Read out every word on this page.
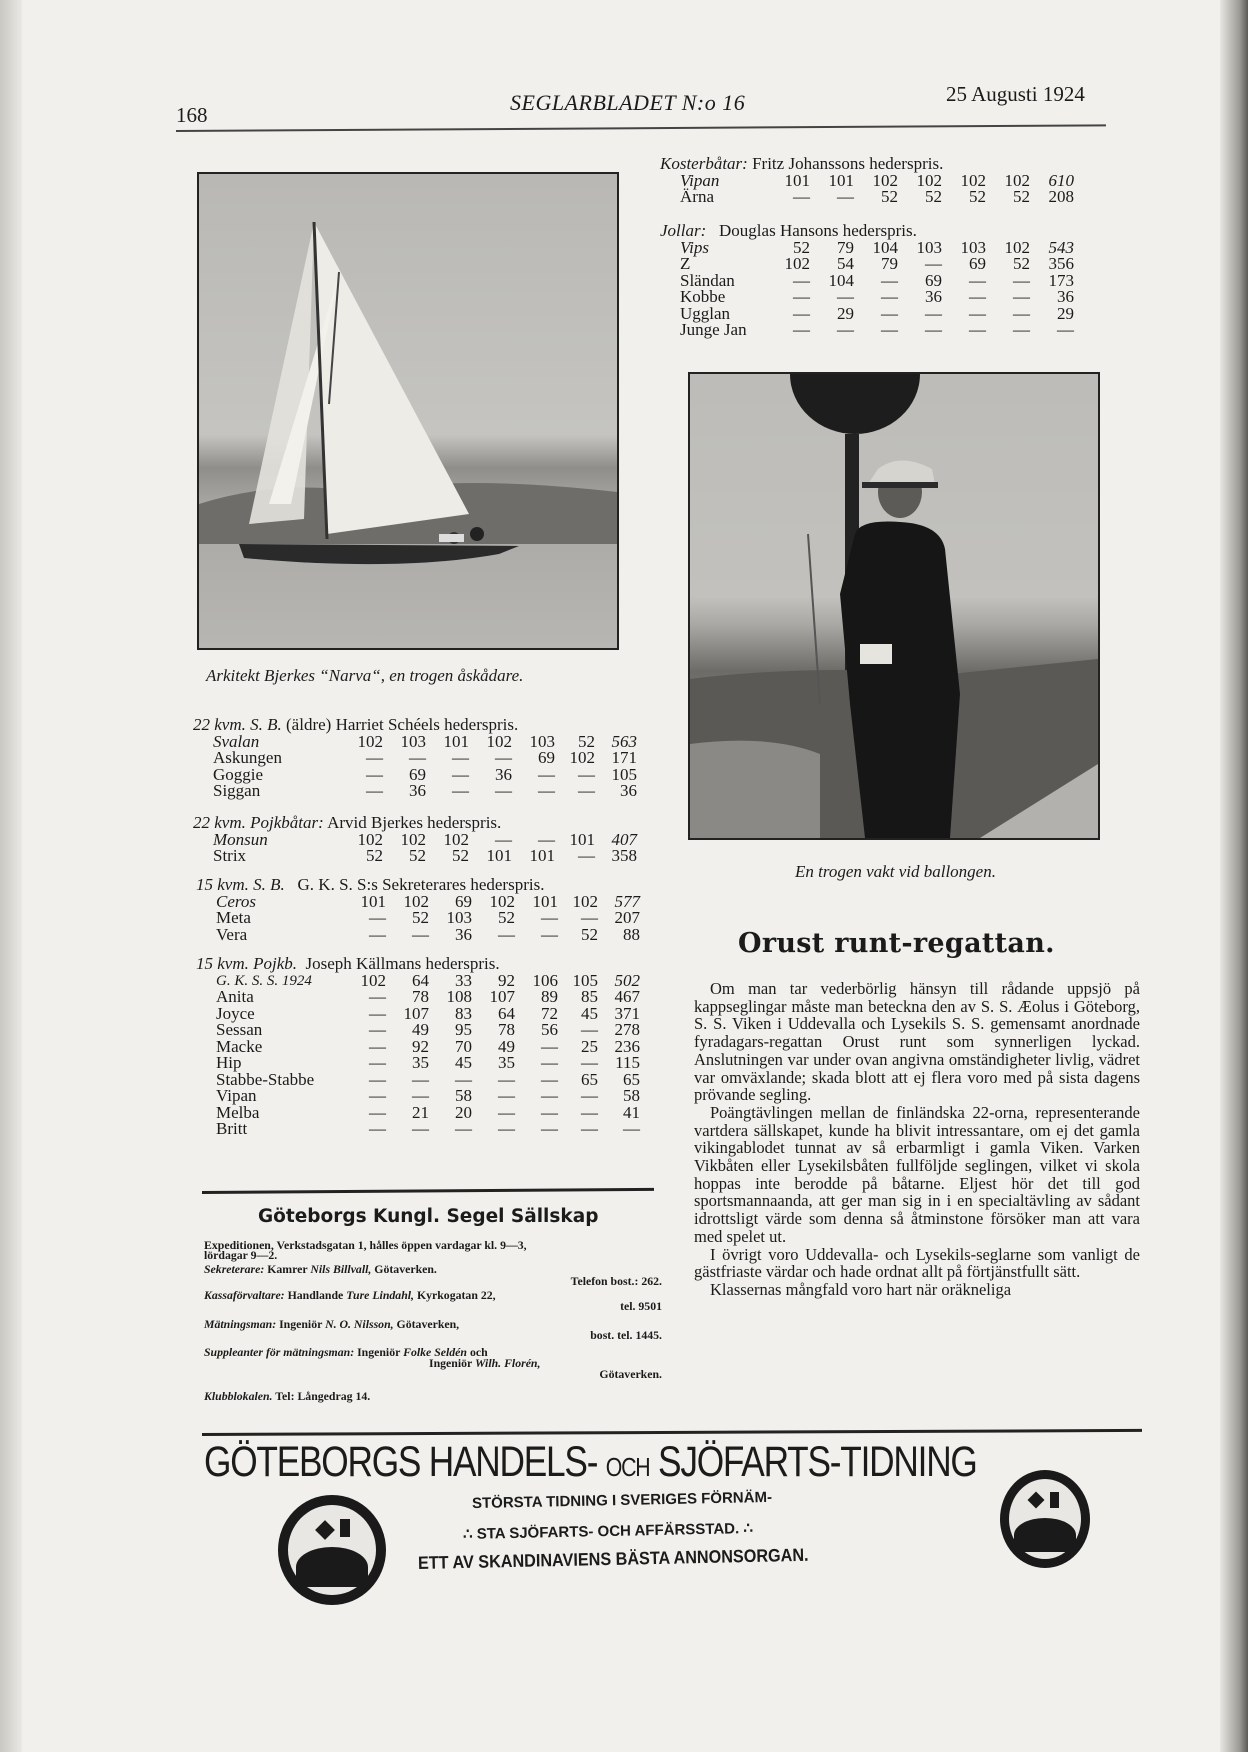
168	SEGLARBLADET N:o 16	25 Augusti 1924
Arkitekt Bjerkes “Narva“, en trogen åskådare.
En trogen vakt vid ballongen.
Kosterbåtar: Fritz Johanssons hederspris.
Vipan	101	101	102	102	102	102	610
Ärna	—	—	52	52	52	52	208
Jollar: Douglas Hansons hederspris.
Vips	52	79	104	103	103	102	543
Z	102	54	79	—	69	52	356
Sländan	—	104	—	69	—	—	173
Kobbe	—	—	—	36	—	—	36
Ugglan	—	29	—	—	—	—	29
Junge Jan	—	—	—	—	—	—	—
22 kvm. S. B. (äldre) Harriet Schéels hederspris.
Svalan	102	103	101	102	103	52 563
Askungen	—	—	—	—	69 102 171
Goggie	—	69	—	36	—	— 105
Siggan	—	36	—	—	—	—	36
22 kvm. Pojkbåtar: Arvid Bjerkes hederspris.
Monsun	102	102	102	—	— 101 407
Strix	52	52	52	101	101	— 358
15 kvm. S. B. G. K. S. S:s Sekreterares hederspris.
Ceros	101	102	69	102	101 102 577
Meta	—	52	103	52	—	— 207
Vera	—	—	36	—	—	52	88
15 kvm. Pojkb. Joseph Källmans hederspris.
G. K. S. S. 1924	102	64	33	92	106 105 502
Anita	—	78	108	107	89	85 467
Joyce	—	107	83	64	72	45 371
Sessan	—	49	95	78	56	— 278
Macke	—	92	70	49	—	25 236
Hip	—	35	45	35	—	—	115
Stabbe-Stabbe	—	—	—	—	—	65	65
Vipan	—	—	58	—	—	—	58
Melba	—	21	20	—	—	—	41
Britt	—	—	—	—	—	—	—
Orust runt-regattan.

Om man tar vederbörlig hänsyn till rådande uppsjö på kappseglingar måste man beteckna den av S. S. Æolus i Göteborg, S. S. Viken i Uddevalla och Lysekils S. S. gemensamt anordnade fyradagars-regattan Orust runt som synnerligen lyckad. Anslutningen var under ovan angivna omständigheter livlig, vädret var omväxlande; skada blott att ej flera voro med på sista dagens prövande segling.

Poängtävlingen mellan de finländska 22-orna, representerande vartdera sällskapet, kunde ha blivit intressantare, om ej det gamla vikingablodet tunnat av så erbarmligt i gamla Viken. Varken Vikbåten eller Lysekilsbåten fullföljde seglingen, vilket vi skola hoppas inte berodde på båtarne. Eljest hör det till god sportsmannaanda, att ger man sig in i en specialtävling av sådant idrottsligt värde som denna så åtminstone försöker man att vara med spelet ut.

I övrigt voro Uddevalla- och Lysekils-seglarne som vanligt de gästfriaste värdar och hade ordnat allt på förtjänstfullt sätt.

Klassernas mångfald voro hart när oräkneliga

Göteborgs Kungl. Segel Sällskap
Expeditionen, Verkstadsgatan 1, hålles öppen vardagar kl. 9—3,
lördagar 9—2.
Sekreterare: Kamrer Nils Billvall, Götaverken.
Telefon bost.: 262.
Kassaförvaltare: Handlande Ture Lindahl, Kyrkogatan 22,
tel. 9501
Mätningsman: Ingeniör N. O. Nilsson, Götaverken,
bost. tel. 1445.
Suppleanter för mätningsman: Ingeniör Folke Seldén och
Ingeniör Wilh. Florén,
Götaverken.
Klubblokalen. Tel: Långedrag 14.
GÖTEBORGS HANDELS- OCH SJÖFARTS-TIDNING
STÖRSTA TIDNING I SVERIGES FÖRNÄM-
∴ STA SJÖFARTS- OCH AFFÄRSSTAD. ∴
ETT AV SKANDINAVIENS BÄSTA ANNONSORGAN.
